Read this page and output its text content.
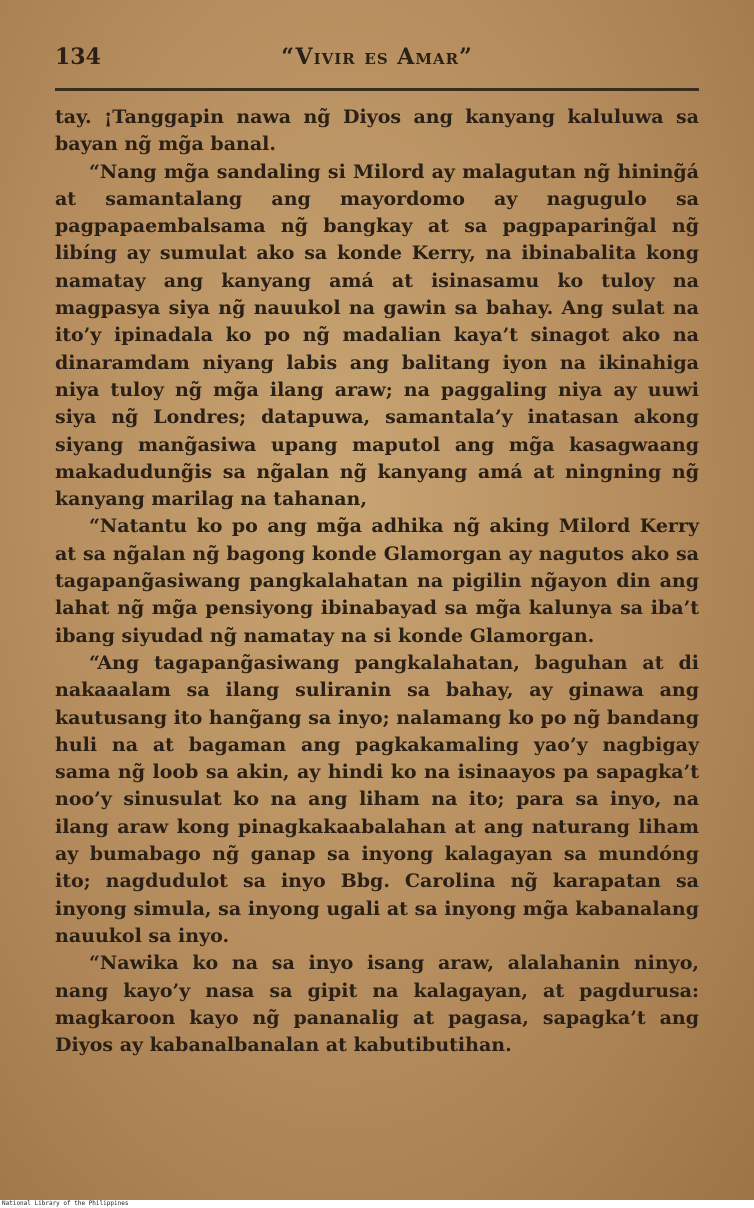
134	“Vivir es Amar”

tay. ¡Tanggapin nawa ng̃ Diyos ang kanyang kaluluwa sa bayan ng̃ mg̃a banal.

“Nang mg̃a sandaling si Milord ay malagutan ng̃ hining̃á at samantalang ang mayordomo ay nagugulo sa pagpapaembalsama ng̃ bangkay at sa pagpaparing̃al ng̃ libíng ay sumulat ako sa konde Kerry, na ibinabalita kong namatay ang kanyang amá at isinasamu ko tuloy na magpasya siya ng̃ nauukol na gawin sa bahay. Ang sulat na ito’y ipinadala ko po ng̃ madalian kaya’t sinagot ako na dinaramdam niyang labis ang balitang iyon na ikinahiga niya tuloy ng̃ mg̃a ilang araw; na paggaling niya ay uuwi siya ng̃ Londres; datapuwa, samantala’y inatasan akong siyang mang̃asiwa upang maputol ang mg̃a kasagwaang makadudung̃is sa ng̃alan ng̃ kanyang amá at ningning ng̃ kanyang marilag na tahanan,

“Natantu ko po ang mg̃a adhika ng̃ aking Milord Kerry at sa ng̃alan ng̃ bagong konde Glamorgan ay nagutos ako sa tagapang̃asiwang pangkalahatan na pigilin ng̃ayon din ang lahat ng̃ mg̃a pensiyong ibinabayad sa mg̃a kalunya sa iba’t ibang siyudad ng̃ namatay na si konde Glamorgan.

“Ang tagapang̃asiwang pangkalahatan, baguhan at di nakaaalam sa ilang suliranin sa bahay, ay ginawa ang kautusang ito hang̃ang sa inyo; nalamang ko po ng̃ bandang huli na at bagaman ang pagkakamaling yao’y nagbigay sama ng̃ loob sa akin, ay hindi ko na isinaayos pa sapagka’t noo’y sinusulat ko na ang liham na ito; para sa inyo, na ilang araw kong pinagkakaabalahan at ang naturang liham ay bumabago ng̃ ganap sa inyong kalagayan sa mundóng ito; nagdudulot sa inyo Bbg. Carolina ng̃ karapatan sa inyong simula, sa inyong ugali at sa inyong mg̃a kabanalang nauukol sa inyo.

“Nawika ko na sa inyo isang araw, alalahanin ninyo, nang kayo’y nasa sa gipit na kalagayan, at pagdurusa: magkaroon kayo ng̃ pananalig at pagasa, sapagka’t ang Diyos ay kabanalbanalan at kabutibutihan.

National Library of the Philippines
